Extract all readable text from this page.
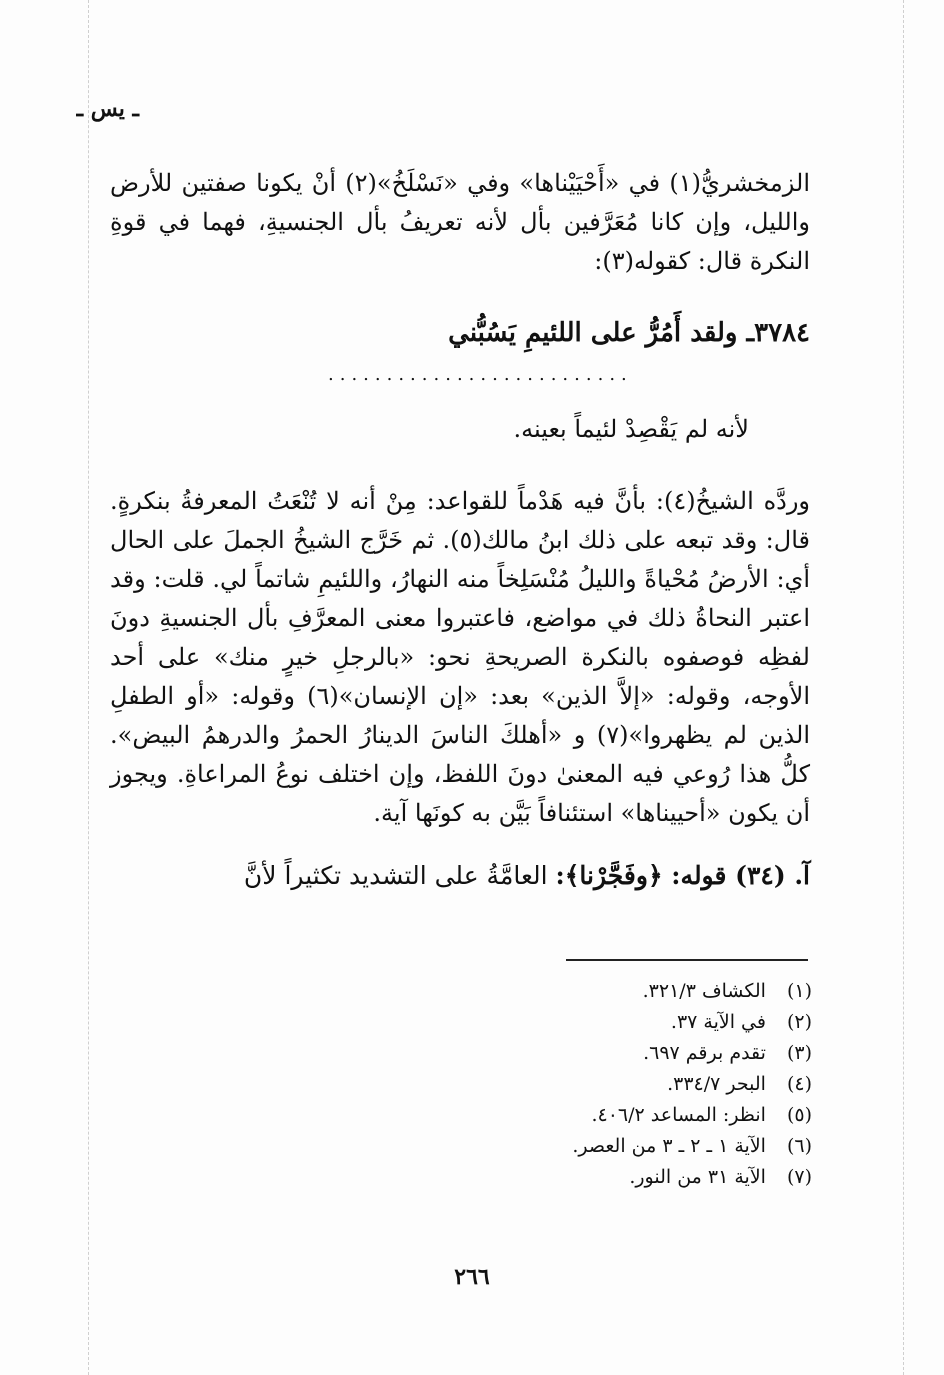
ـ يس ـ
الزمخشريُّ(١) في «أَحْيَيْناها» وفي «نَسْلَخُ»(٢) أنْ يكونا صفتين للأرض والليل، وإن كانا مُعَرَّفين بأل لأنه تعريفُ بأل الجنسيةِ، فهما في قوةِ النكرة قال: كقوله(٣):
٣٧٨٤ـ ولقد أَمُرُّ على اللئيمِ يَسُبُّني
..........................
لأنه لم يَقْصِدْ لئيماً بعينه.
وردَّه الشيخُ(٤): بأنَّ فيه هَدْماً للقواعد: مِنْ أنه لا تُنْعَتُ المعرفةُ بنكرةٍ. قال: وقد تبعه على ذلك ابنُ مالك(٥). ثم خَرَّج الشيخُ الجملَ على الحال أي: الأرضُ مُحْياةً والليلُ مُنْسَلِخاً منه النهارُ، واللئيمِ شاتماً لي. قلت: وقد اعتبر النحاةُ ذلك في مواضع، فاعتبروا معنى المعرَّفِ بأل الجنسيةِ دونَ لفظِه فوصفوه بالنكرة الصريحةِ نحو: «بالرجلِ خيرٍ منك» على أحد الأوجه، وقوله: «إلاَّ الذين» بعد: «إن الإنسان»(٦) وقوله: «أو الطفلِ الذين لم يظهروا»(٧) و «أهلكَ الناسَ الدينارُ الحمرُ والدرهمُ البيض». كلُّ هذا رُوعي فيه المعنىٰ دونَ اللفظ، وإن اختلف نوعُ المراعاةِ. ويجوز أن يكون «أحييناها» استئنافاً بَيَّن به كونَها آية.
آ. (٣٤) قوله: ﴿وفَجَّرْنا﴾: العامَّةُ على التشديد تكثيراً لأنَّ
(١) الكشاف ٣٢١/٣.
(٢) في الآية ٣٧.
(٣) تقدم برقم ٦٩٧.
(٤) البحر ٣٣٤/٧.
(٥) انظر: المساعد ٤٠٦/٢.
(٦) الآية ١ ـ ٢ ـ ٣ من العصر.
(٧) الآية ٣١ من النور.
٢٦٦
